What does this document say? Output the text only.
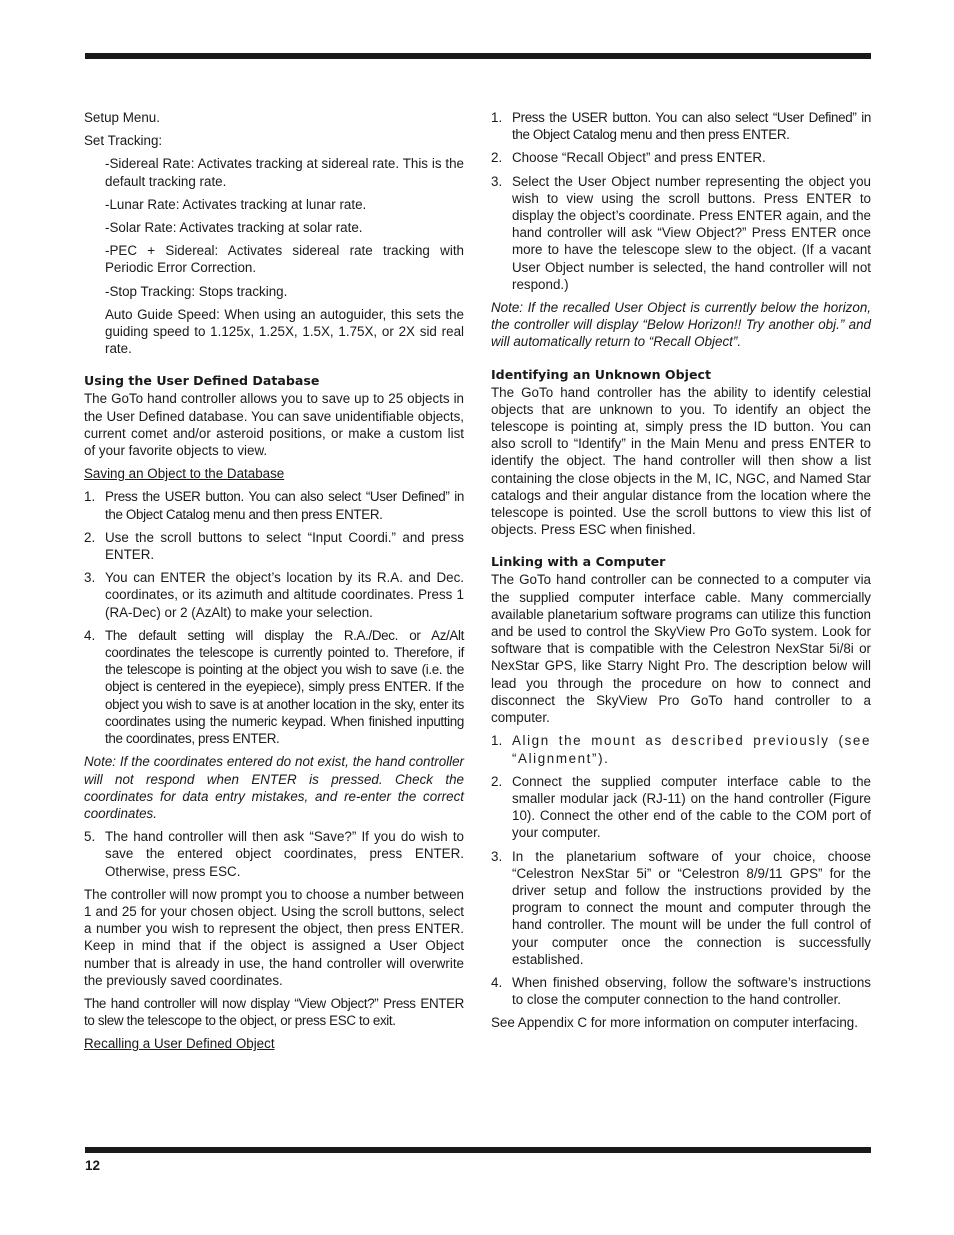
Setup Menu.

Set Tracking:

-Sidereal Rate: Activates tracking at sidereal rate. This is the default tracking rate.

-Lunar Rate: Activates tracking at lunar rate.

-Solar Rate: Activates tracking at solar rate.

-PEC + Sidereal: Activates sidereal rate tracking with Periodic Error Correction.

-Stop Tracking: Stops tracking.

Auto Guide Speed: When using an autoguider, this sets the guiding speed to 1.125x, 1.25X, 1.5X, 1.75X, or 2X sid real rate.

Using the User Defined Database

The GoTo hand controller allows you to save up to 25 objects in the User Defined database. You can save unidentifiable objects, current comet and/or asteroid positions, or make a custom list of your favorite objects to view.

Saving an Object to the Database

1. Press the USER button. You can also select “User Defined” in the Object Catalog menu and then press ENTER.
2. Use the scroll buttons to select “Input Coordi.” and press ENTER.
3. You can ENTER the object’s location by its R.A. and Dec. coordinates, or its azimuth and altitude coordinates. Press 1 (RA-Dec) or 2 (AzAlt) to make your selection.
4. The default setting will display the R.A./Dec. or Az/Alt coordinates the telescope is currently pointed to. Therefore, if the telescope is pointing at the object you wish to save (i.e. the object is centered in the eyepiece), simply press ENTER. If the object you wish to save is at another location in the sky, enter its coordinates using the numeric keypad. When finished inputting the coordinates, press ENTER.

Note: If the coordinates entered do not exist, the hand controller will not respond when ENTER is pressed. Check the coordinates for data entry mistakes, and re-enter the correct coordinates.

5. The hand controller will then ask “Save?” If you do wish to save the entered object coordinates, press ENTER. Otherwise, press ESC.

The controller will now prompt you to choose a number between 1 and 25 for your chosen object. Using the scroll buttons, select a number you wish to represent the object, then press ENTER. Keep in mind that if the object is assigned a User Object number that is already in use, the hand controller will overwrite the previously saved coordinates.

The hand controller will now display “View Object?” Press ENTER to slew the telescope to the object, or press ESC to exit.

Recalling a User Defined Object

1. Press the USER button. You can also select “User Defined” in the Object Catalog menu and then press ENTER.
2. Choose “Recall Object” and press ENTER.
3. Select the User Object number representing the object you wish to view using the scroll buttons. Press ENTER to display the object’s coordinate. Press ENTER again, and the hand controller will ask “View Object?” Press ENTER once more to have the telescope slew to the object. (If a vacant User Object number is selected, the hand controller will not respond.)

Note: If the recalled User Object is currently below the horizon, the controller will display “Below Horizon!! Try another obj.” and will automatically return to “Recall Object”.

Identifying an Unknown Object

The GoTo hand controller has the ability to identify celestial objects that are unknown to you. To identify an object the telescope is pointing at, simply press the ID button. You can also scroll to “Identify” in the Main Menu and press ENTER to identify the object. The hand controller will then show a list containing the close objects in the M, IC, NGC, and Named Star catalogs and their angular distance from the location where the telescope is pointed. Use the scroll buttons to view this list of objects. Press ESC when finished.

Linking with a Computer

The GoTo hand controller can be connected to a computer via the supplied computer interface cable. Many commercially available planetarium software programs can utilize this function and be used to control the SkyView Pro GoTo system. Look for software that is compatible with the Celestron NexStar 5i/8i or NexStar GPS, like Starry Night Pro. The description below will lead you through the procedure on how to connect and disconnect the SkyView Pro GoTo hand controller to a computer.

1. Align the mount as described previously (see “Alignment”).
2. Connect the supplied computer interface cable to the smaller modular jack (RJ-11) on the hand controller (Figure 10). Connect the other end of the cable to the COM port of your computer.
3. In the planetarium software of your choice, choose “Celestron NexStar 5i” or “Celestron 8/9/11 GPS” for the driver setup and follow the instructions provided by the program to connect the mount and computer through the hand controller. The mount will be under the full control of your computer once the connection is successfully established.
4. When finished observing, follow the software’s instructions to close the computer connection to the hand controller.

See Appendix C for more information on computer interfacing.

12
